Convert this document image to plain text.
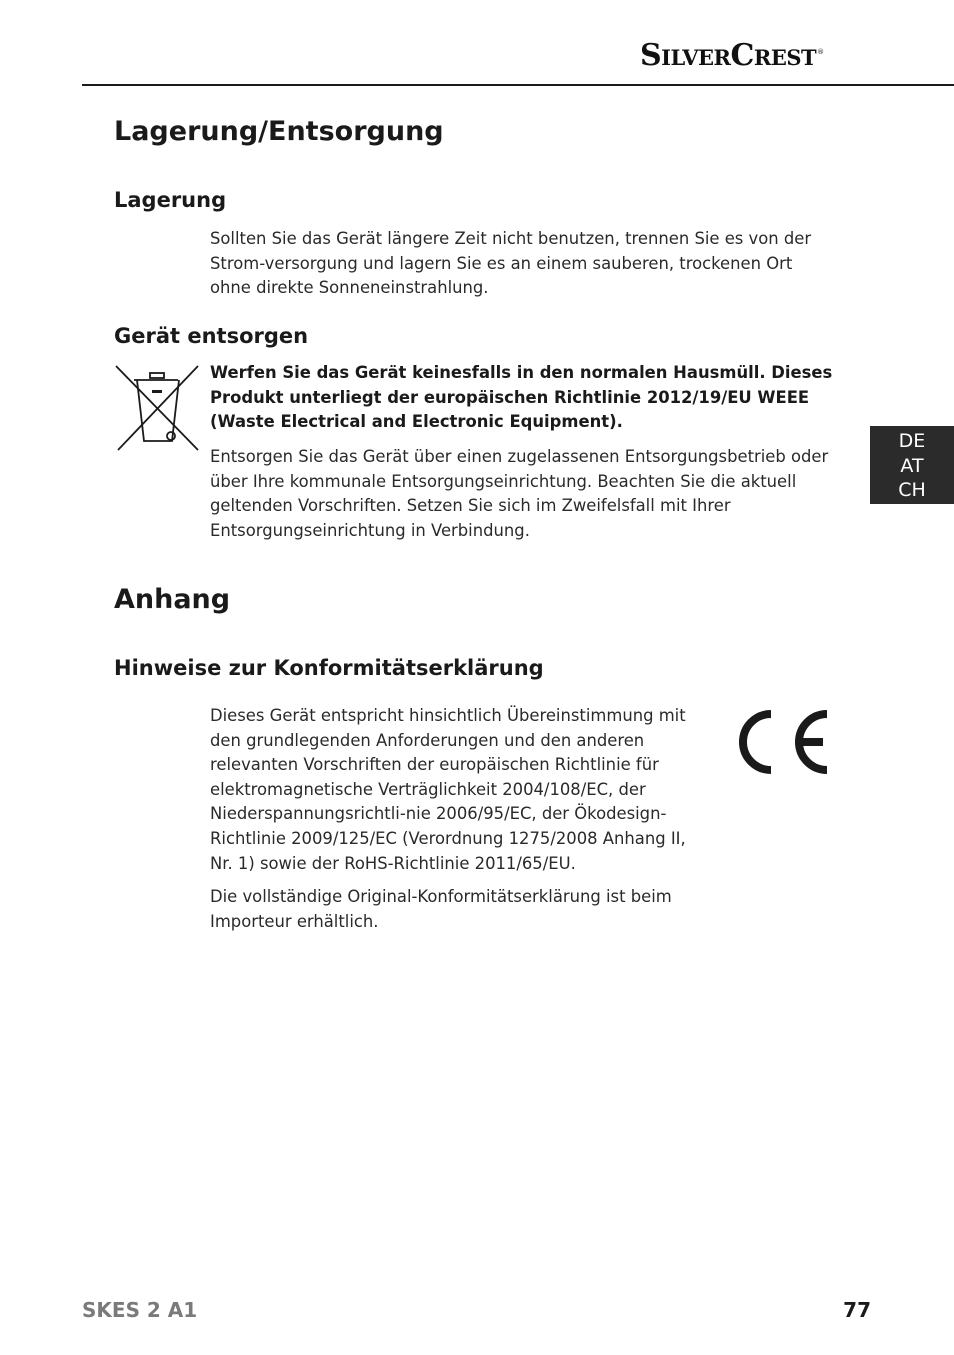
SilverCrest®
Lagerung/Entsorgung
Lagerung

Sollten Sie das Gerät längere Zeit nicht benutzen, trennen Sie es von der Strom-versorgung und lagern Sie es an einem sauberen, trockenen Ort ohne direkte Sonneneinstrahlung.

Gerät entsorgen

Werfen Sie das Gerät keinesfalls in den normalen Hausmüll. Dieses Produkt unterliegt der europäischen Richtlinie 2012/19/EU WEEE (Waste Electrical and Electronic Equipment).

Entsorgen Sie das Gerät über einen zugelassenen Entsorgungsbetrieb oder über Ihre kommunale Entsorgungseinrichtung. Beachten Sie die aktuell geltenden Vorschriften. Setzen Sie sich im Zweifelsfall mit Ihrer Entsorgungseinrichtung in Verbindung.

Anhang
Hinweise zur Konformitätserklärung

Dieses Gerät entspricht hinsichtlich Übereinstimmung mit den grundlegenden Anforderungen und den anderen relevanten Vorschriften der europäischen Richtlinie für elektromagnetische Verträglichkeit 2004/108/EC, der Niederspannungsrichtli-nie 2006/95/EC, der Ökodesign-Richtlinie 2009/125/EC (Verordnung 1275/2008 Anhang II, Nr. 1) sowie der RoHS-Richtlinie 2011/65/EU.

Die vollständige Original-Konformitätserklärung ist beim Importeur erhältlich.

DE
AT
CH
SKES 2 A1	77
